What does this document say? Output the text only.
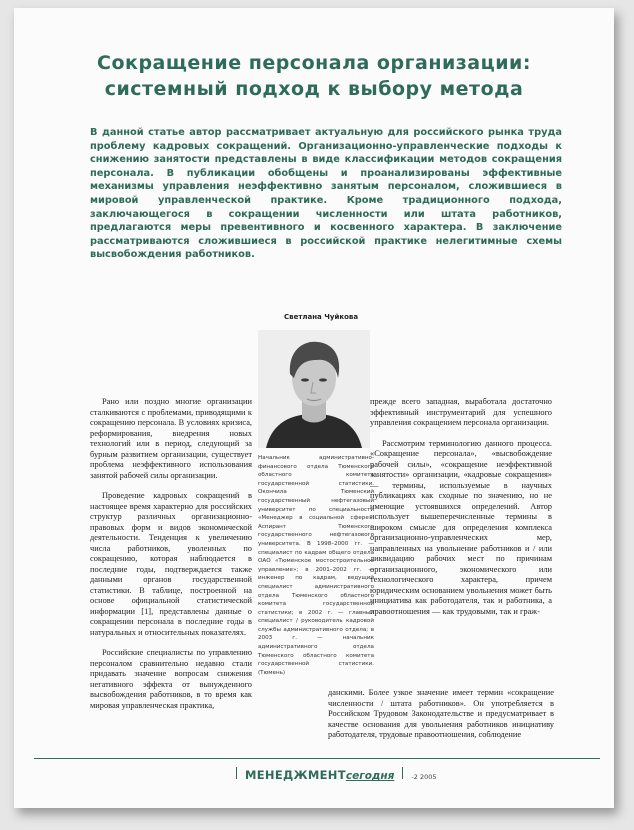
Сокращение персонала организации:
системный подход к выбору метода
В данной статье автор рассматривает актуальную для российского рынка труда проблему кадровых сокращений. Организационно-управленческие подходы к снижению занятости представлены в виде классификации методов сокращения персонала. В публикации обобщены и проанализированы эффективные механизмы управления неэффективно занятым персоналом, сложившиеся в мировой управленческой практике. Кроме традиционного подхода, заключающегося в сокращении численности или штата работников, предлагаются меры превентивного и косвенного характера. В заключение рассматриваются сложившиеся в российской практике нелегитимные схемы высвобождения работников.
Светлана Чуйкова
Начальник административно-финансового отдела Тюменского областного комитета государственной статистики. Окончила Тюменский государственный нефтегазовый университет по специальности «Менеджер в социальной сфере». Аспирант Тюменского государственного нефтегазового университета. В 1998–2000 гг. — специалист по кадрам общего отдела ОАО «Тюменское мостостроительное управление»; в 2001–2002 гг. — инженер по кадрам, ведущий специалист административного отдела Тюменского областного комитета государственной статистики; в 2002 г. — главный специалист / руководитель кадровой службы административного отдела; в 2003 г. — начальник административного отдела Тюменского областного комитета государственной статистики. (Тюмень)

Рано или поздно многие организации сталкиваются с проблемами, приводящими к сокращению персонала. В условиях кризиса, реформирования, внедрения новых технологий или в период, следующий за бурным развитием организации, существует проблема неэффективного использования занятой рабочей силы организации.

Проведение кадровых сокращений в настоящее время характерно для российских структур различных организационно-правовых форм и видов экономической деятельности. Тенденция к увеличению числа работников, уволенных по сокращению, которая наблюдается в последние годы, подтверждается также данными органов государственной статистики. В таблице, построенной на основе официальной статистической информации [1], представлены данные о сокращении персонала в последние годы в натуральных и относительных показателях.

Российские специалисты по управлению персоналом сравнительно недавно стали придавать значение вопросам снижения негативного эффекта от вынужденного высвобождения работников, в то время как мировая управленческая практика,

прежде всего западная, выработала достаточно эффективный инструментарий для успешного управления сокращением персонала организации.

Рассмотрим терминологию данного процесса. «Сокращение персонала», «высвобождение рабочей силы», «сокращение неэффективной занятости» организации, «кадровые сокращения» — термины, используемые в научных публикациях как сходные по значению, но не имеющие устоявшихся определений. Автор использует вышеперечисленные термины в широком смысле для определения комплекса организационно-управленческих мер, направленных на увольнение работников и / или ликвидацию рабочих мест по причинам организационного, экономического или технологического характера, причем юридическим основанием увольнения может быть инициатива как работодателя, так и работника, а правоотношения — как трудовыми, так и граж-

данскими. Более узкое значение имеет термин «сокращение численности / штата работников». Он употребляется в Российском Трудовом Законодательстве и предусматривает в качестве основания для увольнения работников инициативу работодателя, трудовые правоотношения, соблюдение

МЕНЕДЖМЕНТсегодня	-2 2005
